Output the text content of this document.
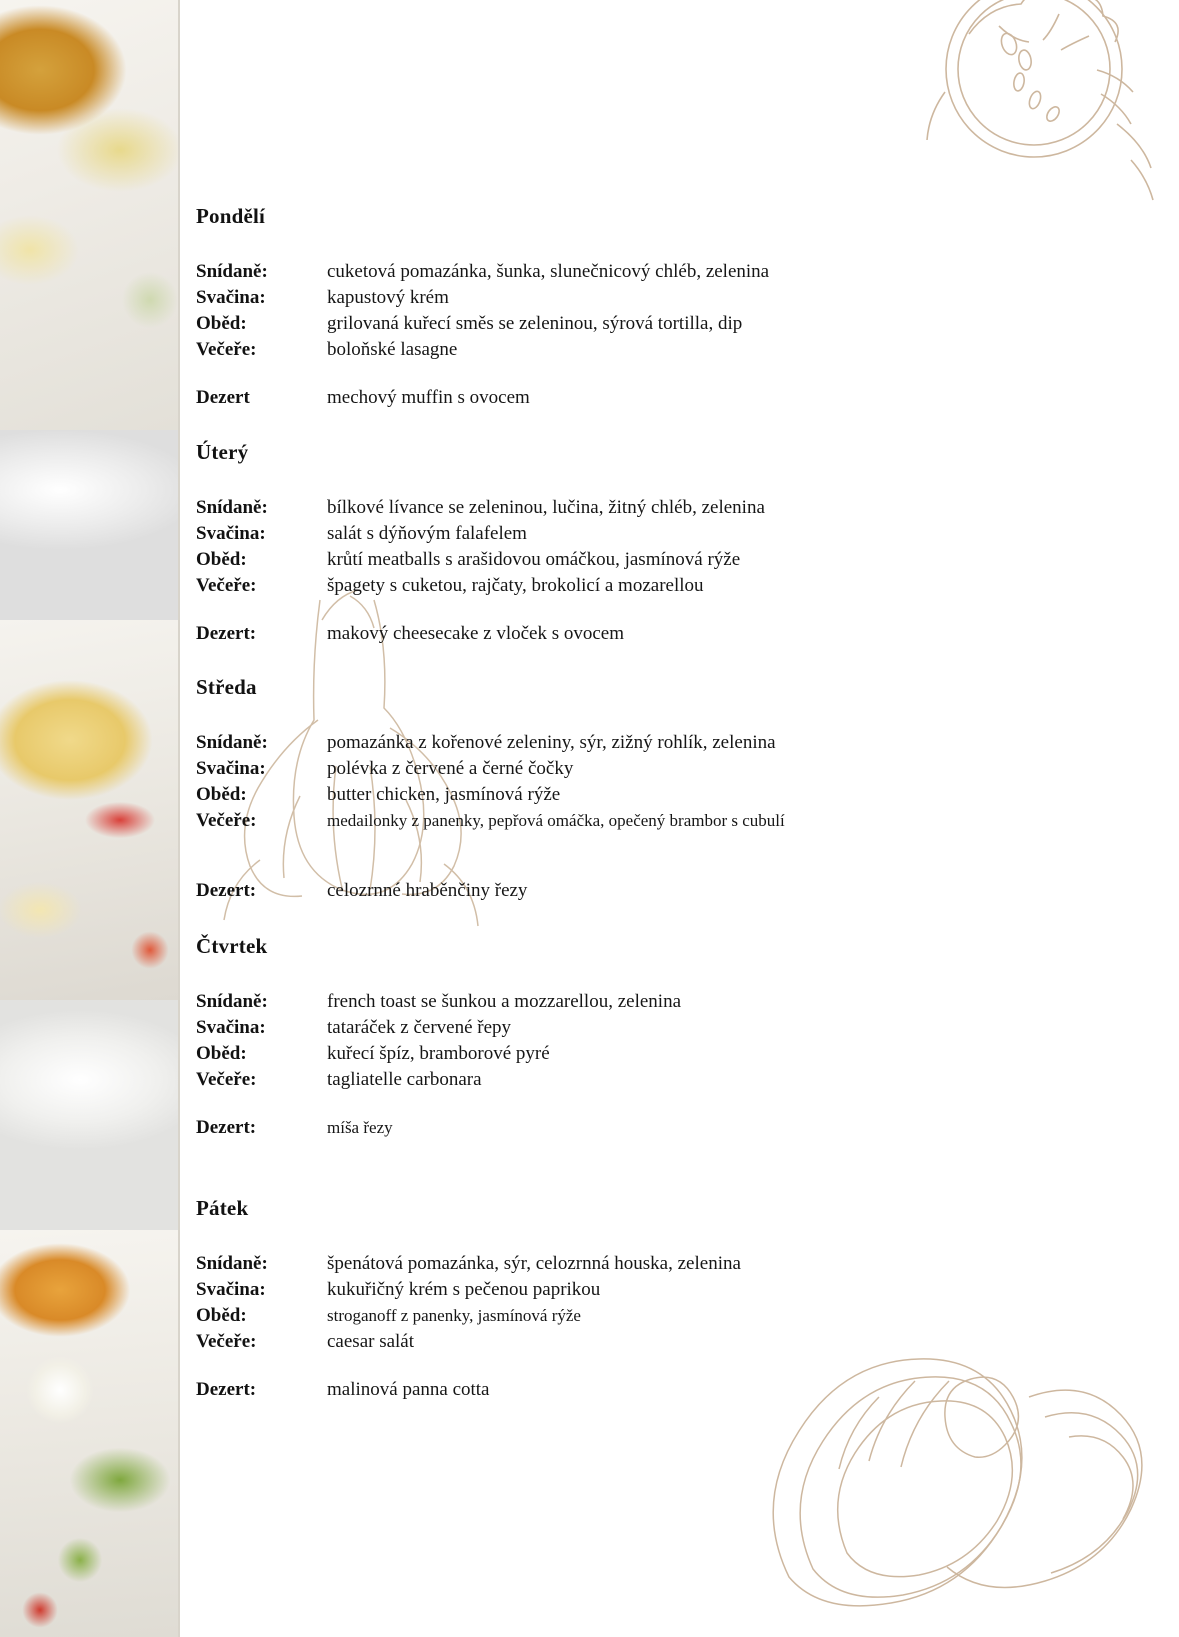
Pondělí
Snídaně:	cuketová pomazánka, šunka, slunečnicový chléb, zelenina
Svačina:	kapustový krém
Oběd:	grilovaná kuřecí směs se zeleninou, sýrová tortilla, dip
Večeře:	boloňské lasagne
Dezert	mechový muffin s ovocem
Úterý
Snídaně:	bílkové lívance se zeleninou, lučina, žitný chléb, zelenina
Svačina:	salát s dýňovým falafelem
Oběd:	krůtí meatballs s arašidovou omáčkou, jasmínová rýže
Večeře:	špagety s cuketou, rajčaty, brokolicí a mozarellou
Dezert:	makový cheesecake z vloček s ovocem
Středa
Snídaně:	pomazánka z kořenové zeleniny, sýr, zižný rohlík, zelenina
Svačina:	polévka z červené a černé čočky
Oběd:	butter chicken, jasmínová rýže
Večeře:	medailonky z panenky, pepřová omáčka, opečený brambor s cubulí
Dezert:	celozrnné hraběnčiny řezy
Čtvrtek
Snídaně:	french toast se šunkou a mozzarellou, zelenina
Svačina:	tataráček z červené řepy
Oběd:	kuřecí špíz, bramborové pyré
Večeře:	tagliatelle carbonara
Dezert:	míša řezy
Pátek
Snídaně:	špenátová pomazánka, sýr, celozrnná houska, zelenina
Svačina:	kukuřičný krém s pečenou paprikou
Oběd:	stroganoff z panenky, jasmínová rýže
Večeře:	caesar salát
Dezert:	malinová panna cotta
